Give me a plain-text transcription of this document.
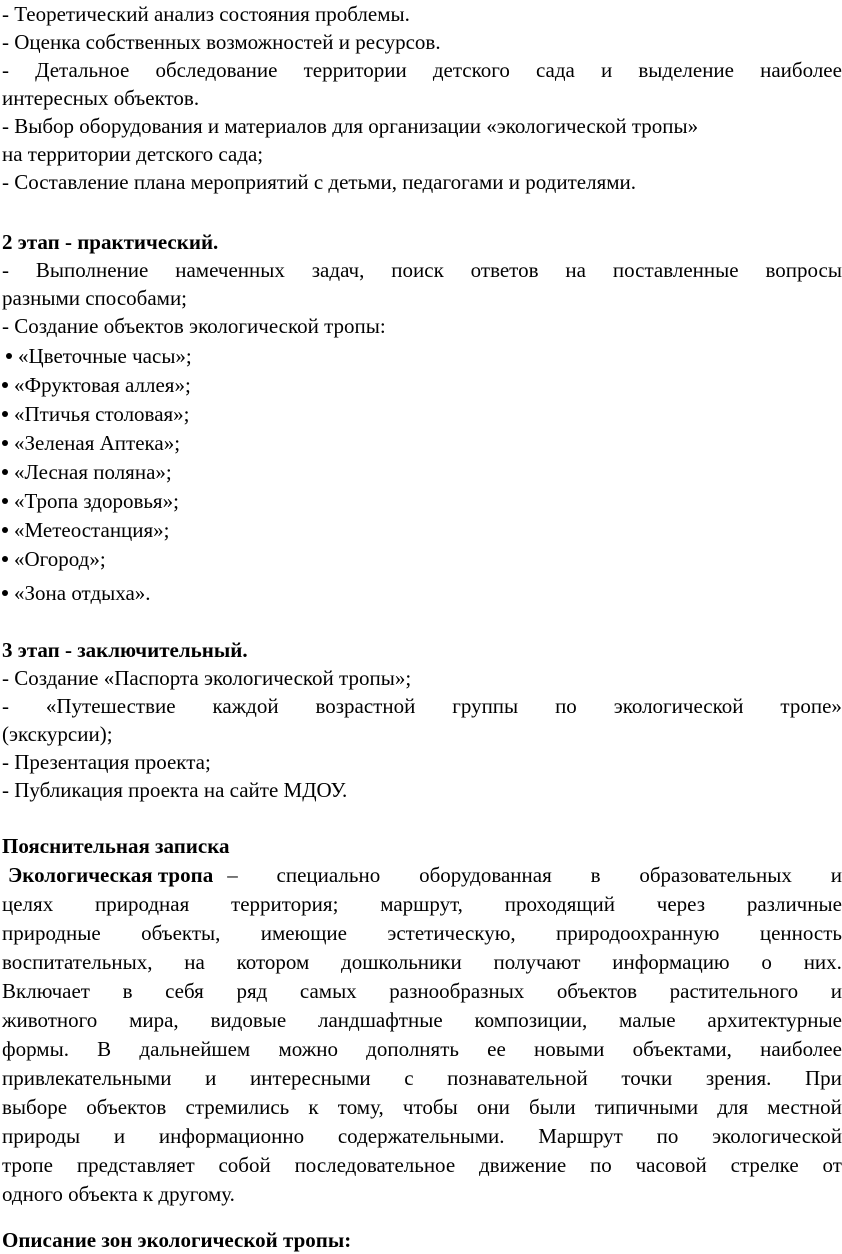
- Теоретический анализ состояния проблемы.
- Оценка собственных возможностей и ресурсов.
- Детальное обследование территории детского сада и выделение наиболее
интересных объектов.
- Выбор оборудования и материалов для организации «экологической тропы»
на территории детского сада;
- Составление плана мероприятий с детьми, педагогами и родителями.
2 этап - практический.
- Выполнение намеченных задач, поиск ответов на поставленные вопросы
разными способами;
- Создание объектов экологической тропы:
«Цветочные часы»;
«Фруктовая аллея»;
«Птичья столовая»;
«Зеленая Аптека»;
«Лесная поляна»;
«Тропа здоровья»;
«Метеостанция»;
«Огород»;
«Зона отдыха».
3 этап - заключительный.
- Создание «Паспорта экологической тропы»;
- «Путешествие каждой возрастной группы по экологической тропе»
(экскурсии);
- Презентация проекта;
- Публикация проекта на сайте МДОУ.
Пояснительная записка
Экологическая тропа – специально оборудованная в образовательных и
целях природная территория; маршрут, проходящий через различные
природные объекты, имеющие эстетическую, природоохранную ценность
воспитательных, на котором дошкольники получают информацию о них.
Включает в себя ряд самых разнообразных объектов растительного и
животного мира, видовые ландшафтные композиции, малые архитектурные
формы. В дальнейшем можно дополнять ее новыми объектами, наиболее
привлекательными и интересными с познавательной точки зрения. При
выборе объектов стремились к тому, чтобы они были типичными для местной
природы и информационно содержательными. Маршрут по экологической
тропе представляет собой последовательное движение по часовой стрелке от
одного объекта к другому.
Описание зон экологической тропы:
